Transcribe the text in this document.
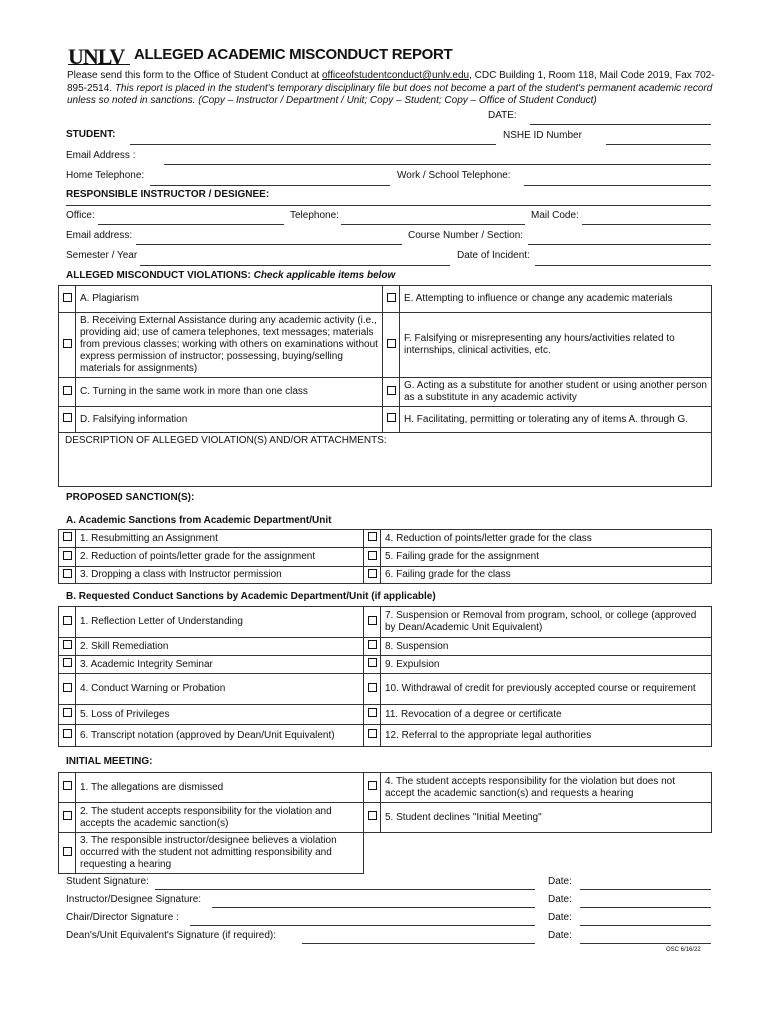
UNLV ALLEGED ACADEMIC MISCONDUCT REPORT
Please send this form to the Office of Student Conduct at officeofstudentconduct@unlv.edu, CDC Building 1, Room 118, Mail Code 2019, Fax 702-895-2514. This report is placed in the student's temporary disciplinary file but does not become a part of the student's permanent academic record unless so noted in sanctions. (Copy – Instructor / Department / Unit; Copy – Student; Copy – Office of Student Conduct)
DATE:
STUDENT:	NSHE ID Number
Email Address :
Home Telephone:	Work / School Telephone:
RESPONSIBLE INSTRUCTOR / DESIGNEE:
Office:	Telephone:	Mail Code:
Email address:	Course Number / Section:
Semester / Year	Date of Incident:
ALLEGED MISCONDUCT VIOLATIONS: Check applicable items below
	A. Plagiarism		E. Attempting to influence or change any academic materials
	B. Receiving External Assistance during any academic activity (i.e., providing aid; use of camera telephones, text messages; materials from previous classes; working with others on examinations without express permission of instructor; possessing, buying/selling materials for assignments)		F. Falsifying or misrepresenting any hours/activities related to internships, clinical activities, etc.
	C. Turning in the same work in more than one class		G. Acting as a substitute for another student or using another person as a substitute in any academic activity
	D. Falsifying information		H. Facilitating, permitting or tolerating any of items A. through G.
DESCRIPTION OF ALLEGED VIOLATION(S) AND/OR ATTACHMENTS:			
PROPOSED SANCTION(S):
A. Academic Sanctions from Academic Department/Unit
	1. Resubmitting an Assignment		4. Reduction of points/letter grade for the class
	2. Reduction of points/letter grade for the assignment		5. Failing grade for the assignment
	3. Dropping a class with Instructor permission		6. Failing grade for the class
B. Requested Conduct Sanctions by Academic Department/Unit (if applicable)
	1. Reflection Letter of Understanding		7. Suspension or Removal from program, school, or college (approved by Dean/Academic Unit Equivalent)
	2. Skill Remediation		8. Suspension
	3. Academic Integrity Seminar		9. Expulsion
	4. Conduct Warning or Probation		10. Withdrawal of credit for previously accepted course or requirement
	5. Loss of Privileges		11. Revocation of a degree or certificate
	6. Transcript notation (approved by Dean/Unit Equivalent)		12. Referral to the appropriate legal authorities
INITIAL MEETING:
	1. The allegations are dismissed		4. The student accepts responsibility for the violation but does not accept the academic sanction(s) and requests a hearing
	2. The student accepts responsibility for the violation and accepts the academic sanction(s)		5. Student declines "Initial Meeting"
	3. The responsible instructor/designee believes a violation occurred with the student not admitting responsibility and requesting a hearing		
Student Signature:	Date:
Instructor/Designee Signature:	Date:
Chair/Director Signature :	Date:
Dean's/Unit Equivalent's Signature (if required):	Date:
OSC 6/16/22
